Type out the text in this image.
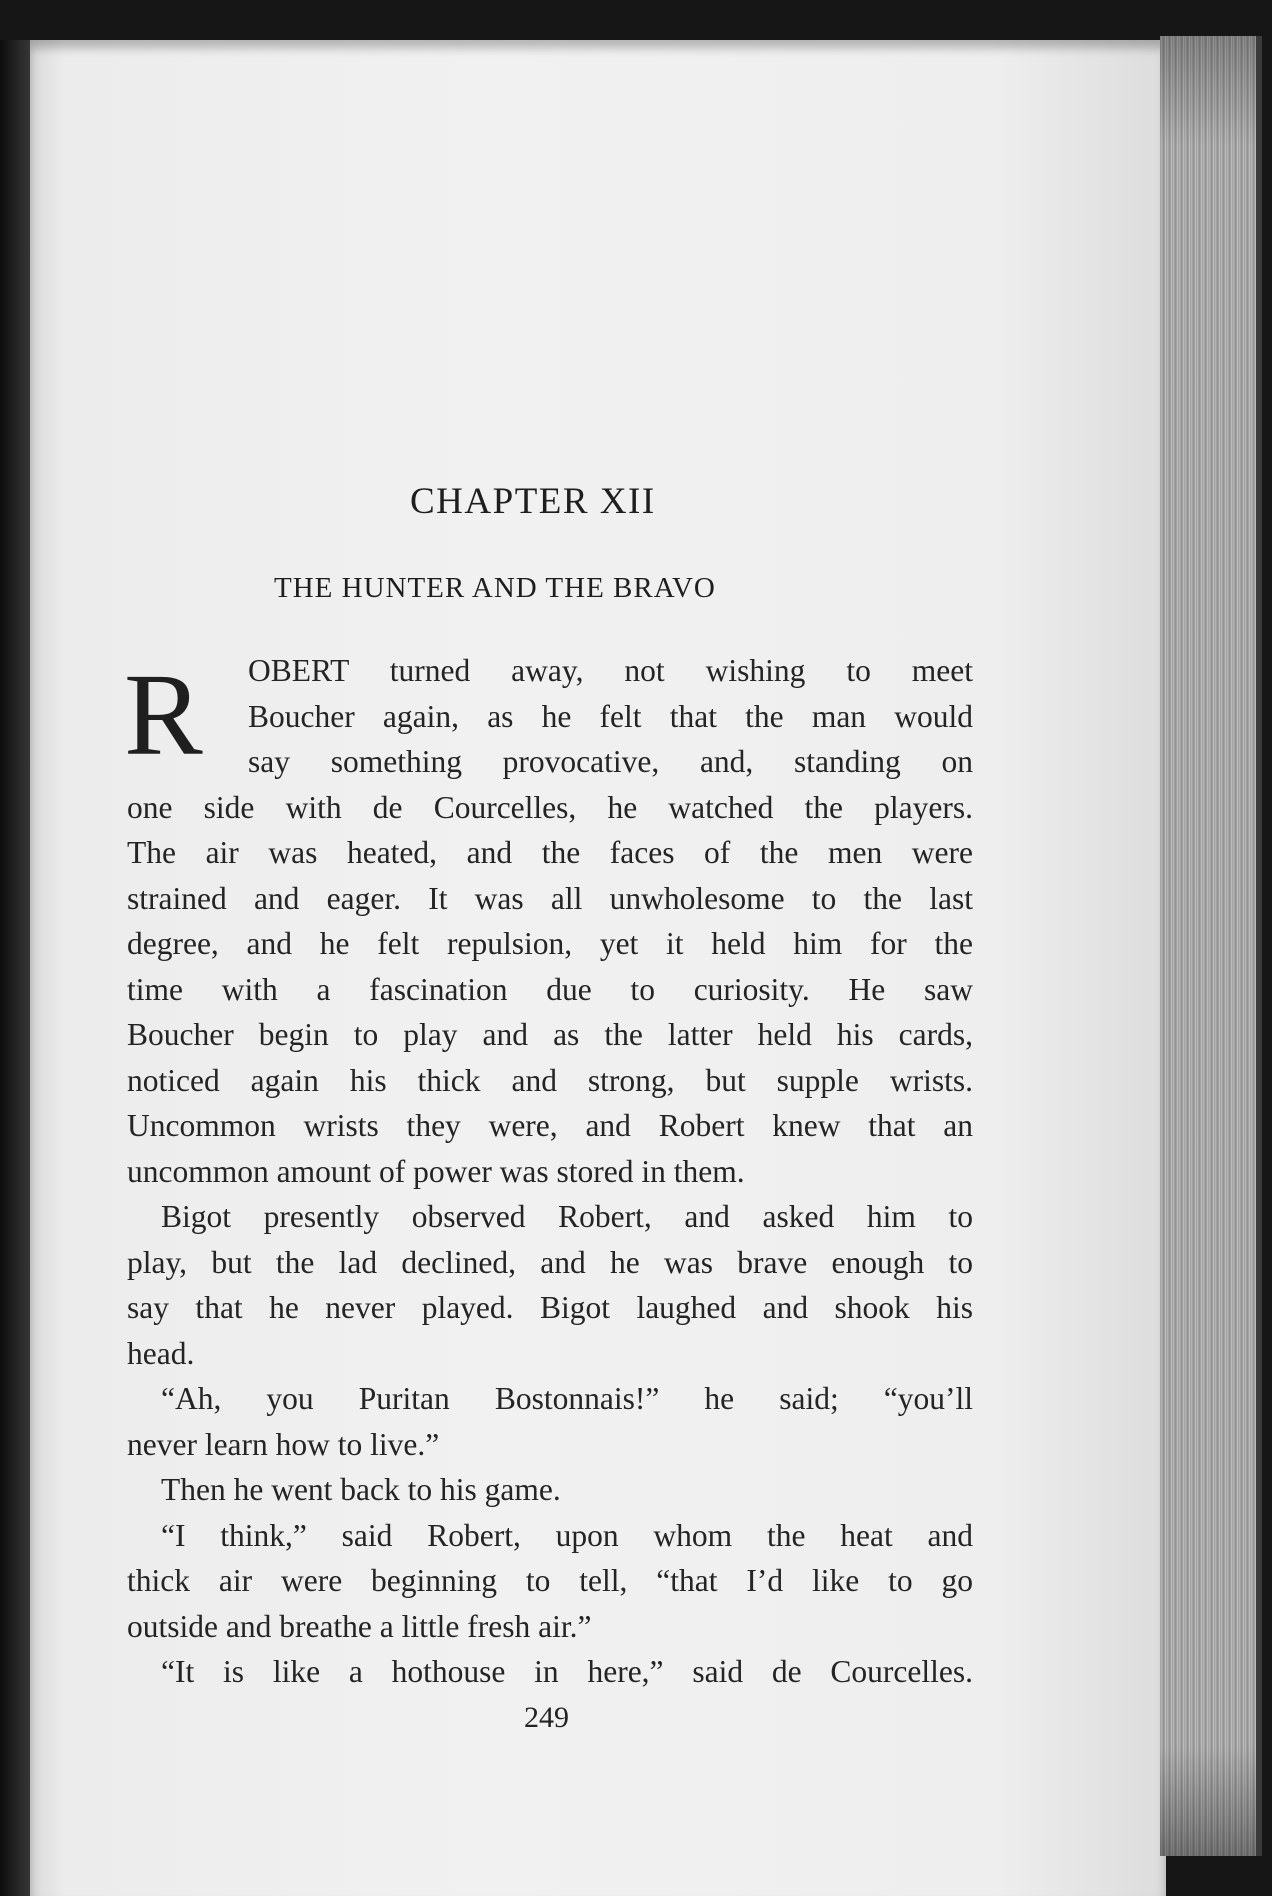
CHAPTER XII
THE HUNTER AND THE BRAVO
R OBERT turned away, not wishing to meet
Boucher again, as he felt that the man would
say something provocative, and, standing on
one side with de Courcelles, he watched the players.
The air was heated, and the faces of the men were
strained and eager. It was all unwholesome to the last
degree, and he felt repulsion, yet it held him for the
time with a fascination due to curiosity. He saw
Boucher begin to play and as the latter held his cards,
noticed again his thick and strong, but supple wrists.
Uncommon wrists they were, and Robert knew that an
uncommon amount of power was stored in them.
Bigot presently observed Robert, and asked him to
play, but the lad declined, and he was brave enough to
say that he never played. Bigot laughed and shook his
head.
“Ah, you Puritan Bostonnais!” he said; “you’ll
never learn how to live.”
Then he went back to his game.
“I think,” said Robert, upon whom the heat and
thick air were beginning to tell, “that I’d like to go
outside and breathe a little fresh air.”
“It is like a hothouse in here,” said de Courcelles.
249
